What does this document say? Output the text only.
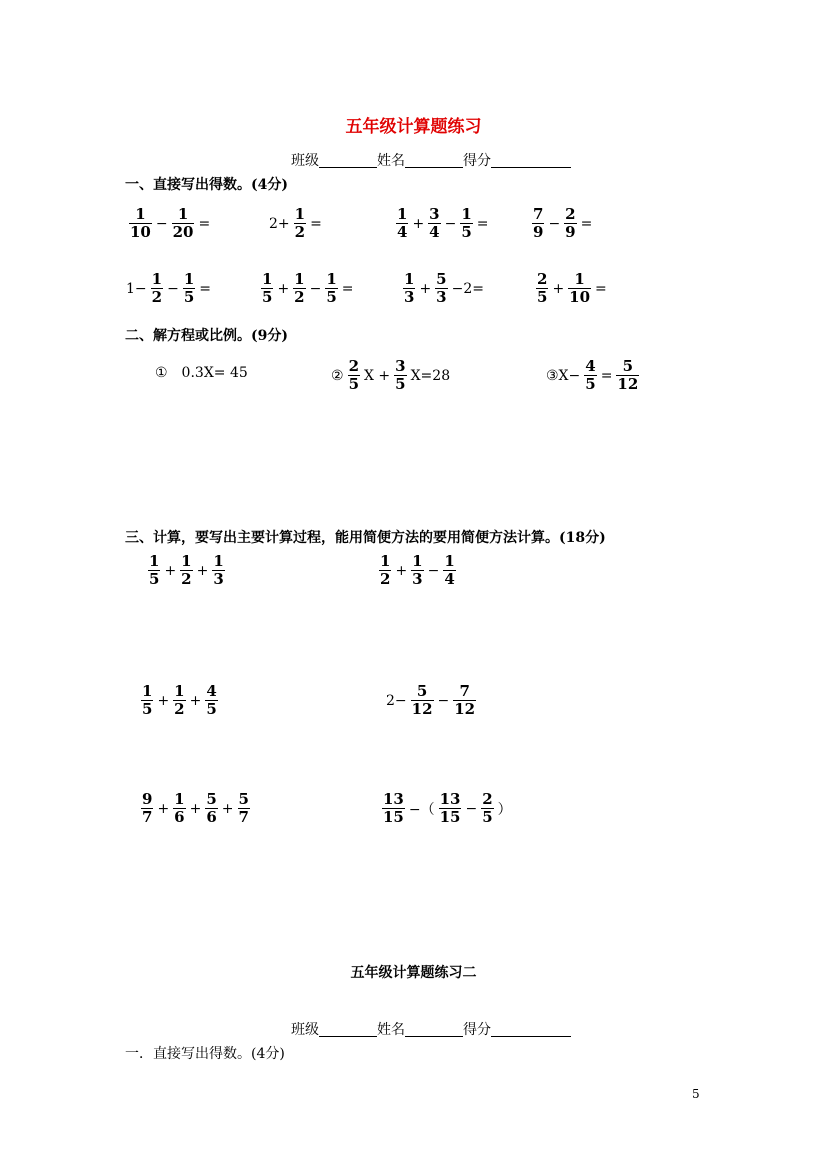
五年级计算题练习
班级	姓名	得分
一、直接写出得数。(4分)
二、解方程或比例。(9分)
三、计算，要写出主要计算过程，能用简便方法的要用简便方法计算。(18分)
$\frac{1}{10} - \frac{1}{20}$ =	$2+ \frac{1}{2}$ =	$\frac{1}{4} + \frac{3}{4} - \frac{1}{5}$ =	$\frac{7}{9} - \frac{2}{9}$ =
$1- \frac{1}{2} - \frac{1}{5}$ =	$\frac{1}{5} + \frac{1}{2} - \frac{1}{5}$ =	$\frac{1}{3} + \frac{5}{3} -2=$	$\frac{2}{5} + \frac{1}{10}$ =
①　0.3X= 45	② $\frac{2}{5}$ $X + \frac{3}{5} X=28$	③X− $\frac{4}{5} = \frac{5}{12}$
$\frac{1}{5} + \frac{1}{2} + \frac{1}{3}$	$\frac{1}{2} + \frac{1}{3} - \frac{1}{4}$
$\frac{1}{5} + \frac{1}{2} + \frac{4}{5}$	$2- \frac{5}{12} - \frac{7}{12}$
$\frac{9}{7} + \frac{1}{6} + \frac{5}{6} + \frac{5}{7}$	$\frac{13}{15}$ −（ $\frac{13}{15} - \frac{2}{5}$ ）
五年级计算题练习二
班级	姓名	得分
一．直接写出得数。(4分)
5
